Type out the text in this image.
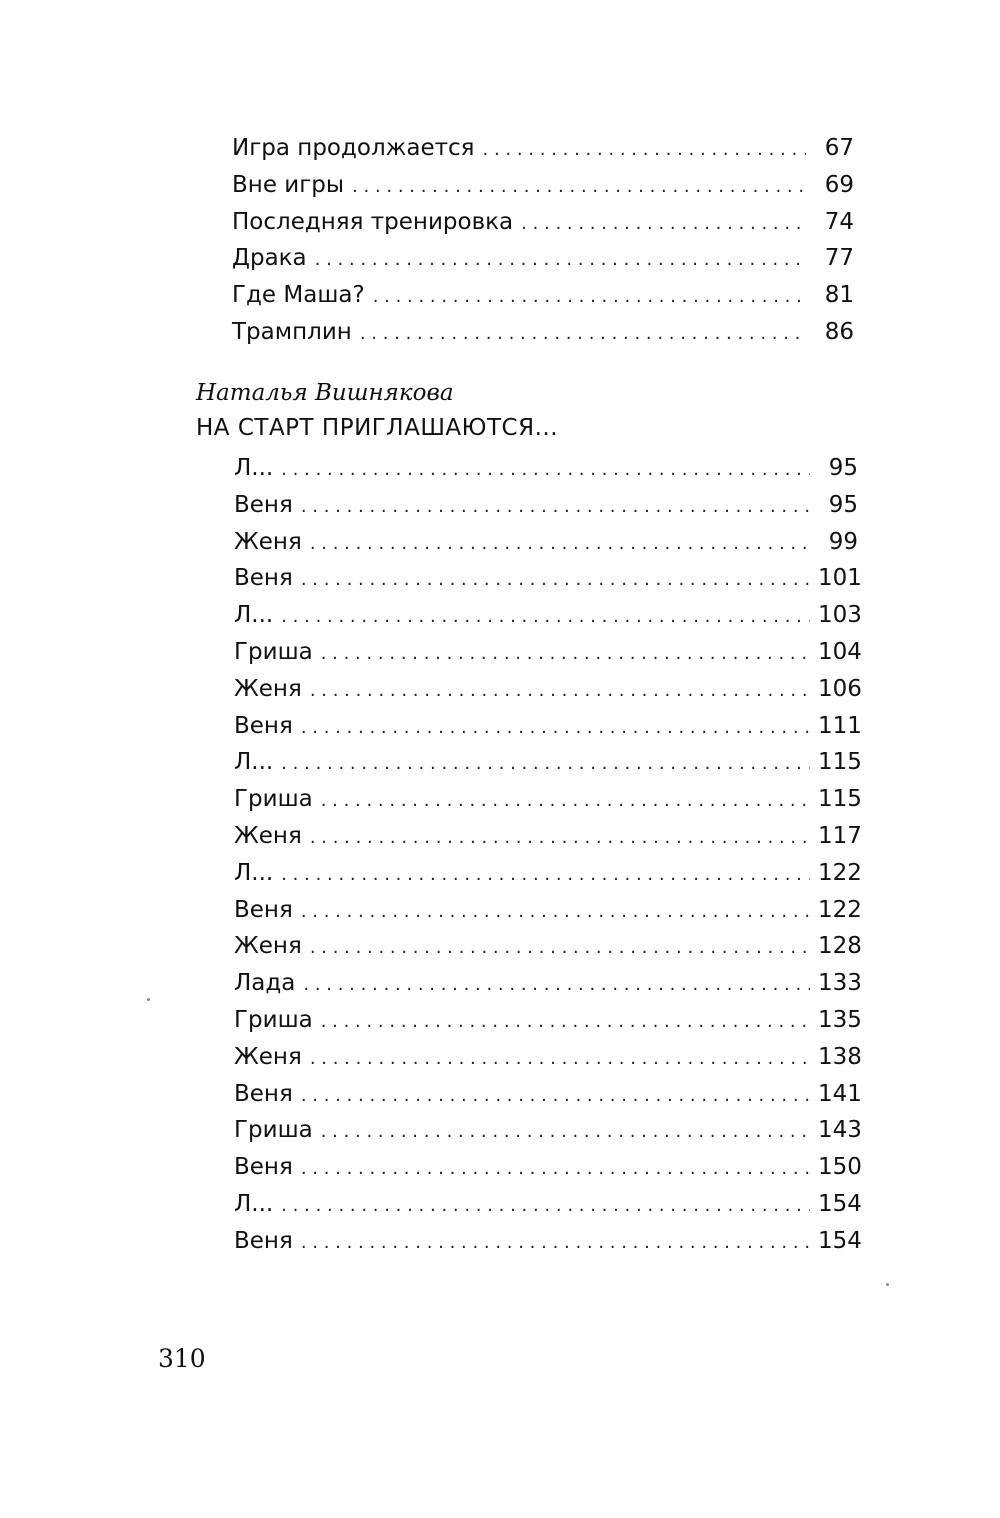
Игра продолжается . . .	67
Вне игры . . .	69
Последняя тренировка . . .	74
Драка . . .	77
Где Маша? . . .	81
Трамплин . . .	86
Наталья Вишнякова
НА СТАРТ ПРИГЛАШАЮТСЯ...
Л... . . .	95
Веня . . .	95
Женя . . .	99
Веня . . .	101
Л... . . .	103
Гриша . . .	104
Женя . . .	106
Веня . . .	111
Л... . . .	115
Гриша . . .	115
Женя . . .	117
Л... . . .	122
Веня . . .	122
Женя . . .	128
Лада . . .	133
Гриша . . .	135
Женя . . .	138
Веня . . .	141
Гриша . . .	143
Веня . . .	150
Л... . . .	154
Веня . . .	154
310
